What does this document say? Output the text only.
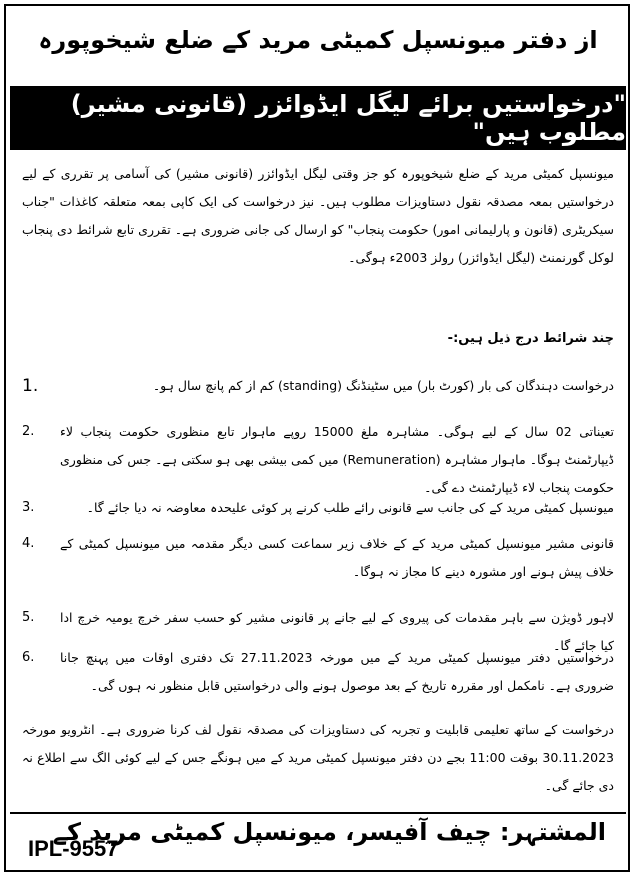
از دفتر میونسپل کمیٹی مرید کے ضلع شیخوپورہ
"درخواستیں برائے لیگل ایڈوائزر (قانونی مشیر) مطلوب ہیں"
میونسپل کمیٹی مرید کے ضلع شیخوپورہ کو جز وقتی لیگل ایڈوائزر (قانونی مشیر) کی آسامی پر تقرری کے لیے درخواستیں بمعہ مصدقہ نقول دستاویزات مطلوب ہیں۔ نیز درخواست کی ایک کاپی بمعہ متعلقہ کاغذات "جناب سیکریٹری (قانون و پارلیمانی امور) حکومت پنجاب" کو ارسال کی جانی ضروری ہے۔ تقرری تابع شرائط دی پنجاب لوکل گورنمنٹ (لیگل ایڈوائزر) رولز 2003ء ہوگی۔
چند شرائط درج ذیل ہیں:-
1.	درخواست دہندگان کی بار (کورٹ بار) میں سٹینڈنگ (standing) کم از کم پانچ سال ہو۔
2.	تعیناتی 02 سال کے لیے ہوگی۔ مشاہرہ ملغ 15000 روپے ماہوار تابع منظوری حکومت پنجاب لاء ڈیپارٹمنٹ ہوگا۔ ماہوار مشاہرہ (Remuneration) میں کمی بیشی بھی ہو سکتی ہے۔ جس کی منظوری حکومت پنجاب لاء ڈیپارٹمنٹ دے گی۔
3.	میونسپل کمیٹی مرید کے کی جانب سے قانونی رائے طلب کرنے پر کوئی علیحدہ معاوضہ نہ دیا جائے گا۔
4.	قانونی مشیر میونسپل کمیٹی مرید کے کے خلاف زیر سماعت کسی دیگر مقدمہ میں میونسپل کمیٹی کے خلاف پیش ہونے اور مشورہ دینے کا مجاز نہ ہوگا۔
5.	لاہور ڈویژن سے باہر مقدمات کی پیروی کے لیے جانے پر قانونی مشیر کو حسب سفر خرچ یومیہ خرچ ادا کیا جائے گا۔
6.	درخواستیں دفتر میونسپل کمیٹی مرید کے میں مورخہ 27.11.2023 تک دفتری اوقات میں پہنچ جانا ضروری ہے۔ نامکمل اور مقررہ تاریخ کے بعد موصول ہونے والی درخواستیں قابل منظور نہ ہوں گی۔
درخواست کے ساتھ تعلیمی قابلیت و تجربہ کی دستاویزات کی مصدقہ نقول لف کرنا ضروری ہے۔ انٹرویو مورخہ 30.11.2023 بوقت 11:00 بجے دن دفتر میونسپل کمیٹی مرید کے میں ہونگے جس کے لیے کوئی الگ سے اطلاع نہ دی جائے گی۔
المشتہر: چیف آفیسر، میونسپل کمیٹی مرید کے
IPL-9557
